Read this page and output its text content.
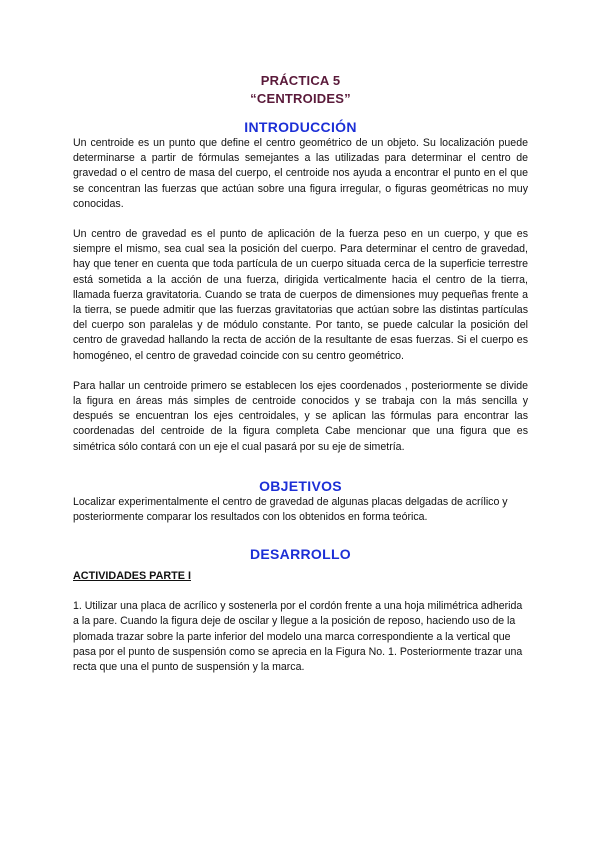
PRÁCTICA 5
“CENTROIDES”
INTRODUCCIÓN

Un centroide es un punto que define el centro geométrico de un objeto. Su localización puede determinarse a partir de fórmulas semejantes a las utilizadas para determinar el centro de gravedad o el centro de masa del cuerpo, el centroide nos ayuda a encontrar el punto en el que se concentran las fuerzas que actúan sobre una figura irregular, o figuras geométricas no muy conocidas.

Un centro de gravedad es el punto de aplicación de la fuerza peso en un cuerpo, y que es siempre el mismo, sea cual sea la posición del cuerpo. Para determinar el centro de gravedad, hay que tener en cuenta que toda partícula de un cuerpo situada cerca de la superficie terrestre está sometida a la acción de una fuerza, dirigida verticalmente hacia el centro de la tierra, llamada fuerza gravitatoria. Cuando se trata de cuerpos de dimensiones muy pequeñas frente a la tierra, se puede admitir que las fuerzas gravitatorias que actúan sobre las distintas partículas del cuerpo son paralelas y de módulo constante. Por tanto, se puede calcular la posición del centro de gravedad hallando la recta de acción de la resultante de esas fuerzas. Si el cuerpo es homogéneo, el centro de gravedad coincide con su centro geométrico.

Para hallar un centroide primero se establecen los ejes coordenados , posteriormente se divide la figura en áreas más simples de centroide conocidos y se trabaja con la más sencilla y después se encuentran los ejes centroidales, y se aplican las fórmulas para encontrar las coordenadas del centroide de la figura completa Cabe mencionar que una figura que es simétrica sólo contará con un eje el cual pasará por su eje de simetría.

OBJETIVOS

Localizar experimentalmente el centro de gravedad de algunas placas delgadas de acrílico y posteriormente comparar los resultados con los obtenidos en forma teórica.

DESARROLLO
ACTIVIDADES PARTE I

1. Utilizar una placa de acrílico y sostenerla por el cordón frente a una hoja milimétrica adherida a la pare. Cuando la figura deje de oscilar y llegue a la posición de reposo, haciendo uso de la plomada trazar sobre la parte inferior del modelo una marca correspondiente a la vertical que pasa por el punto de suspensión como se aprecia en la Figura No. 1. Posteriormente trazar una recta que una el punto de suspensión y la marca.
